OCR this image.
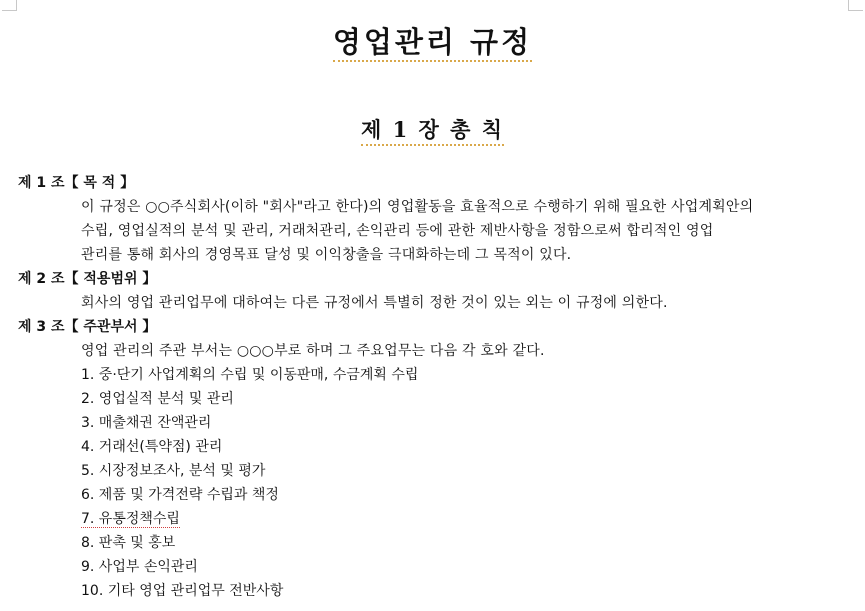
영업관리 규정
제 1 장 총 칙
제 1 조【 목 적 】
이 규정은 ○○주식회사(이하 "회사"라고 한다)의 영업활동을 효율적으로 수행하기 위해 필요한 사업계획안의
수립, 영업실적의 분석 및 관리, 거래처관리, 손익관리 등에 관한 제반사항을 정함으로써 합리적인 영업
관리를 통해 회사의 경영목표 달성 및 이익창출을 극대화하는데 그 목적이 있다.
제 2 조【 적용범위 】
회사의 영업 관리업무에 대하여는 다른 규정에서 특별히 정한 것이 있는 외는 이 규정에 의한다.
제 3 조【 주관부서 】
영업 관리의 주관 부서는 ○○○부로 하며 그 주요업무는 다음 각 호와 같다.
1. 중·단기 사업계획의 수립 및 이동판매, 수금계획 수립
2. 영업실적 분석 및 관리
3. 매출채권 잔액관리
4. 거래선(특약점) 관리
5. 시장정보조사, 분석 및 평가
6. 제품 및 가격전략 수립과 책정
7. 유통정책수립
8. 판촉 및 홍보
9. 사업부 손익관리
10. 기타 영업 관리업무 전반사항
